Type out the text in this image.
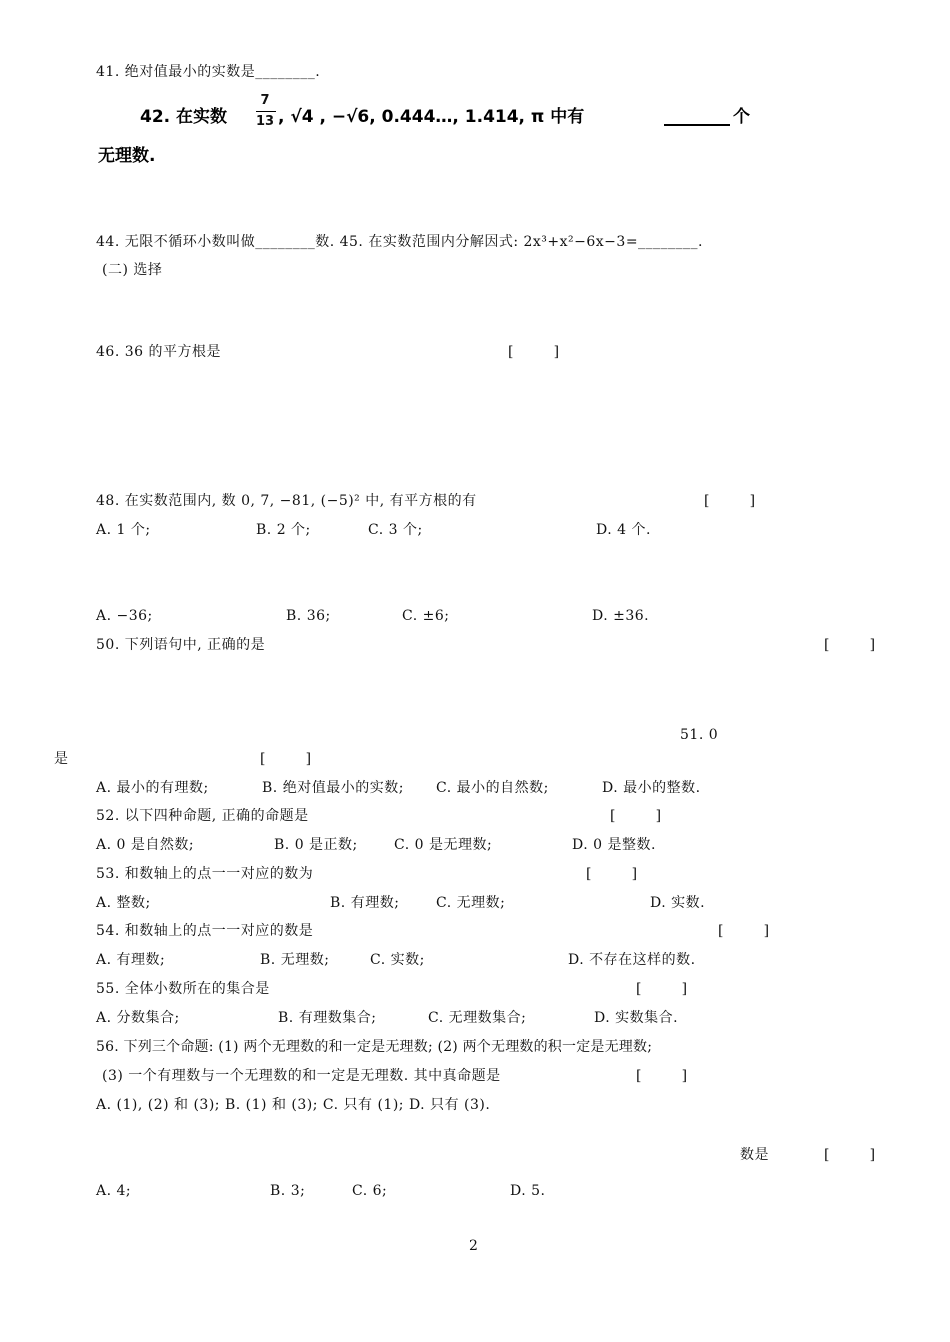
41. 绝对值最小的实数是________.
42. 在实数
7
13 , √4 , −√6, 0.444…, 1.414, π 中有	个
无理数.
44. 无限不循环小数叫做________数. 45. 在实数范围内分解因式: 2x³+x²−6x−3=________.
(二) 选择
46. 36 的平方根是	[        ]
48. 在实数范围内, 数 0, 7, −81, (−5)² 中, 有平方根的有	[        ]
A. 1 个;	B. 2 个;	C. 3 个;	D. 4 个.
A. −36;	B. 36;	C. ±6;	D. ±36.
50. 下列语句中, 正确的是	[        ]
51. 0
是	[        ]
A. 最小的有理数;	B. 绝对值最小的实数; C. 最小的自然数;	D. 最小的整数.
52. 以下四种命题, 正确的命题是	[        ]
A. 0 是自然数;	B. 0 是正数;	C. 0 是无理数;	D. 0 是整数.
53. 和数轴上的点一一对应的数为	[        ]
A. 整数;	B. 有理数;	C. 无理数;	D. 实数.
54. 和数轴上的点一一对应的数是	[        ]
A. 有理数;	B. 无理数;	C. 实数;	D. 不存在这样的数.
55. 全体小数所在的集合是	[        ]
A. 分数集合;	B. 有理数集合;	C. 无理数集合;	D. 实数集合.
56. 下列三个命题: (1) 两个无理数的和一定是无理数; (2) 两个无理数的积一定是无理数;
(3) 一个有理数与一个无理数的和一定是无理数. 其中真命题是	[        ]
A. (1), (2) 和 (3); B. (1) 和 (3); C. 只有 (1); D. 只有 (3).
数是	[        ]
A. 4;	B. 3;	C. 6;	D. 5.
2
